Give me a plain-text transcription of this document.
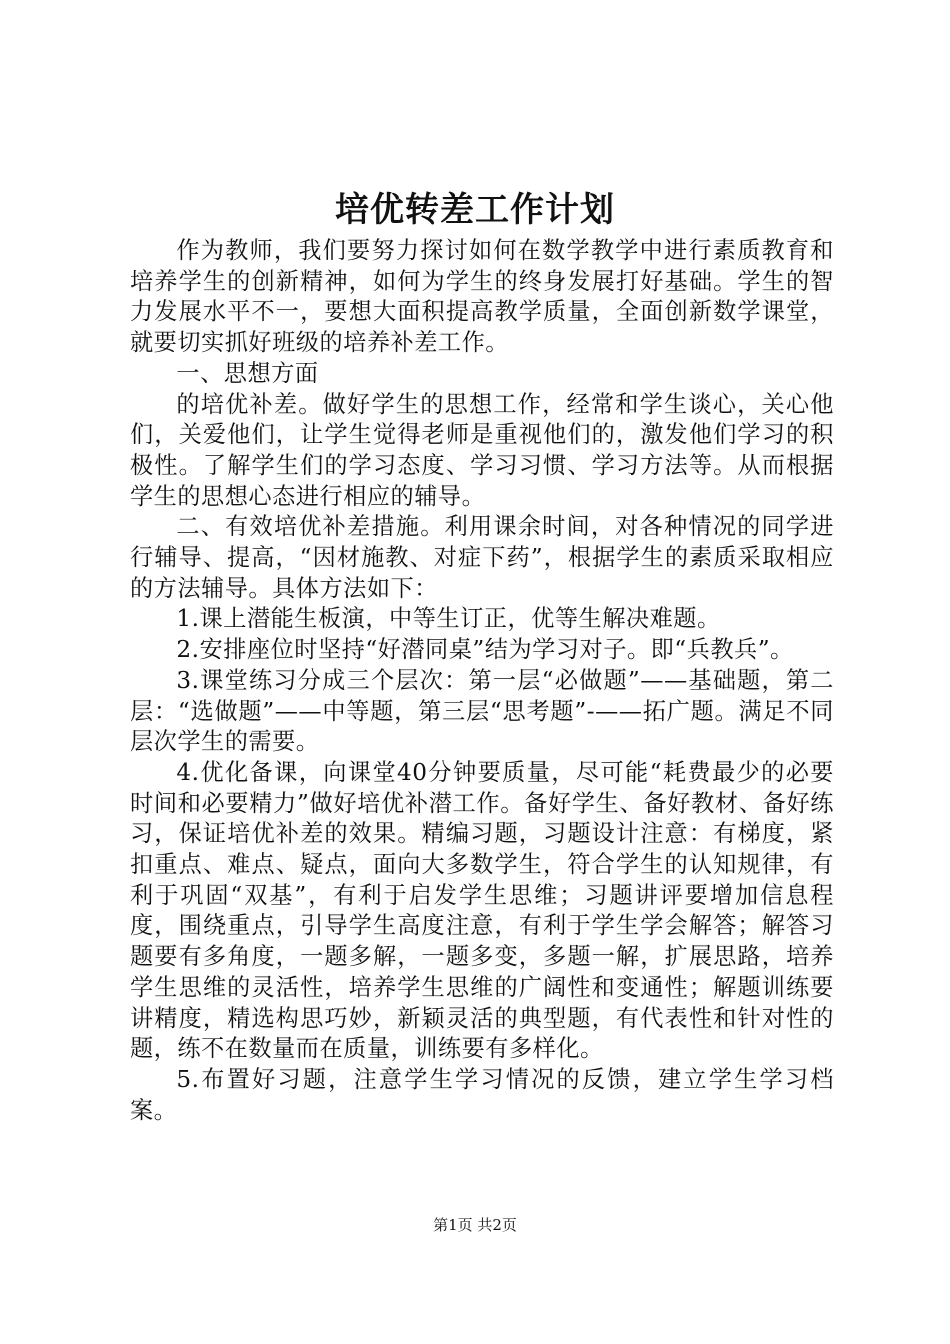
培优转差工作计划

作为教师，我们要努力探讨如何在数学教学中进行素质教育和培养学生的创新精神，如何为学生的终身发展打好基础。学生的智力发展水平不一，要想大面积提高教学质量，全面创新数学课堂，就要切实抓好班级的培养补差工作。

一、思想方面

的培优补差。做好学生的思想工作，经常和学生谈心，关心他们，关爱他们，让学生觉得老师是重视他们的，激发他们学习的积极性。了解学生们的学习态度、学习习惯、学习方法等。从而根据学生的思想心态进行相应的辅导。

二、有效培优补差措施。利用课余时间，对各种情况的同学进行辅导、提高，“因材施教、对症下药”，根据学生的素质采取相应的方法辅导。具体方法如下：

1.课上潜能生板演，中等生订正，优等生解决难题。

2.安排座位时坚持“好潜同桌”结为学习对子。即“兵教兵”。

3.课堂练习分成三个层次：第一层“必做题”——基础题，第二层：“选做题”——中等题，第三层“思考题”-——拓广题。满足不同层次学生的需要。

4.优化备课，向课堂40分钟要质量，尽可能“耗费最少的必要时间和必要精力”做好培优补潜工作。备好学生、备好教材、备好练习，保证培优补差的效果。精编习题，习题设计注意：有梯度，紧扣重点、难点、疑点，面向大多数学生，符合学生的认知规律，有利于巩固“双基”，有利于启发学生思维；习题讲评要增加信息程度，围绕重点，引导学生高度注意，有利于学生学会解答；解答习题要有多角度，一题多解，一题多变，多题一解，扩展思路，培养学生思维的灵活性，培养学生思维的广阔性和变通性；解题训练要讲精度，精选构思巧妙，新颖灵活的典型题，有代表性和针对性的题，练不在数量而在质量，训练要有多样化。

5.布置好习题，注意学生学习情况的反馈，建立学生学习档案。

第1页 共2页
